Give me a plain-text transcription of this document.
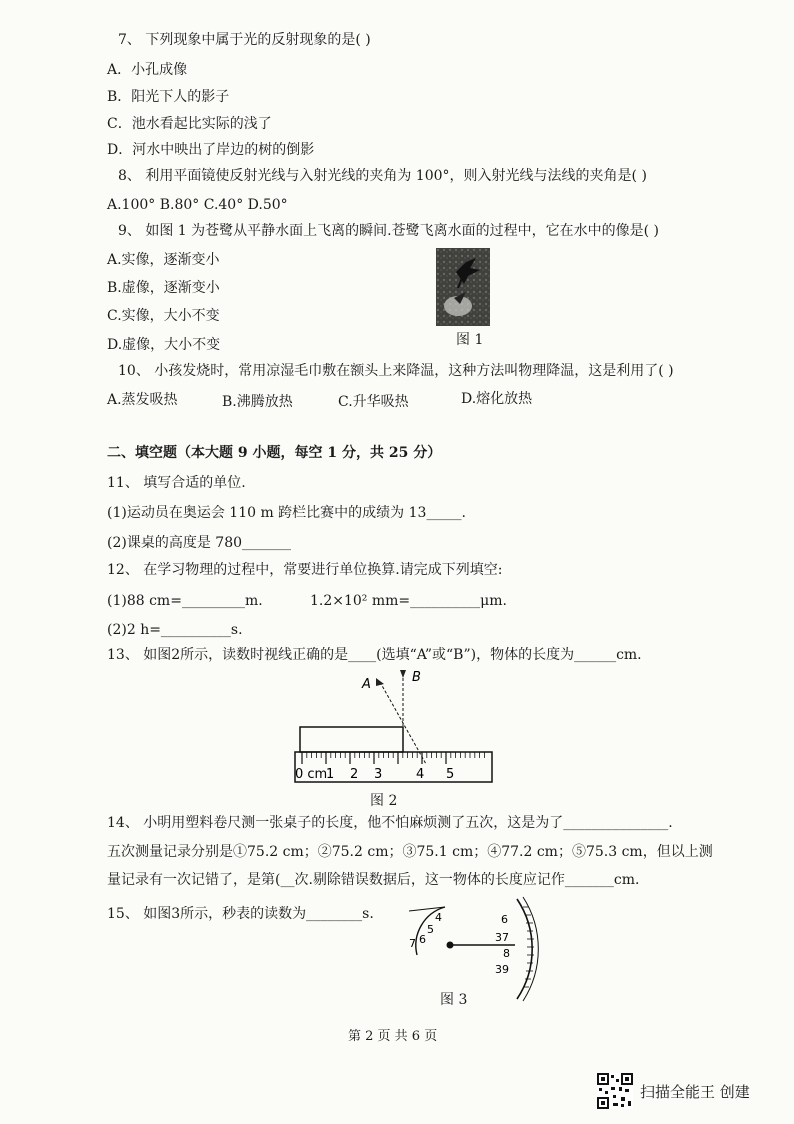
7、 下列现象中属于光的反射现象的是( )
A．小孔成像
B．阳光下人的影子
C．池水看起比实际的浅了
D．河水中映出了岸边的树的倒影
8、 利用平面镜使反射光线与入射光线的夹角为 100°，则入射光线与法线的夹角是( )
A.100° B.80° C.40° D.50°
9、 如图 1 为苍鹭从平静水面上飞离的瞬间.苍鹭飞离水面的过程中，它在水中的像是( )
A.实像，逐渐变小
B.虚像，逐渐变小
C.实像，大小不变
D.虚像，大小不变	图 1
10、 小孩发烧时，常用凉湿毛巾敷在额头上来降温，这种方法叫物理降温，这是利用了( )
A.蒸发吸热	B.沸腾放热	C.升华吸热	D.熔化放热
二、填空题（本大题 9 小题，每空 1 分，共 25 分）
11、 填写合适的单位.
(1)运动员在奥运会 110 m 跨栏比赛中的成绩为 13_____.
(2)课桌的高度是 780_______
12、 在学习物理的过程中，常要进行单位换算.请完成下列填空:
(1)88 cm=_________m.	1.2×10² mm=__________μm.
(2)2 h=__________s.
13、 如图2所示，读数时视线正确的是____(选填“A”或“B”)，物体的长度为______cm.
0 cm
1 2 3	4 5
A	B
图 2
14、 小明用塑料卷尺测一张桌子的长度，他不怕麻烦测了五次，这是为了_______________.
五次测量记录分别是①75.2 cm；②75.2 cm；③75.1 cm；④77.2 cm；⑤75.3 cm，但以上测
量记录有一次记错了，是第(__次.剔除错误数据后，这一物体的长度应记作_______cm.
15、 如图3所示，秒表的读数为________s.	4
5
6
7
6
37
8
39
图 3
第 2 页 共 6 页
扫描全能王 创建
